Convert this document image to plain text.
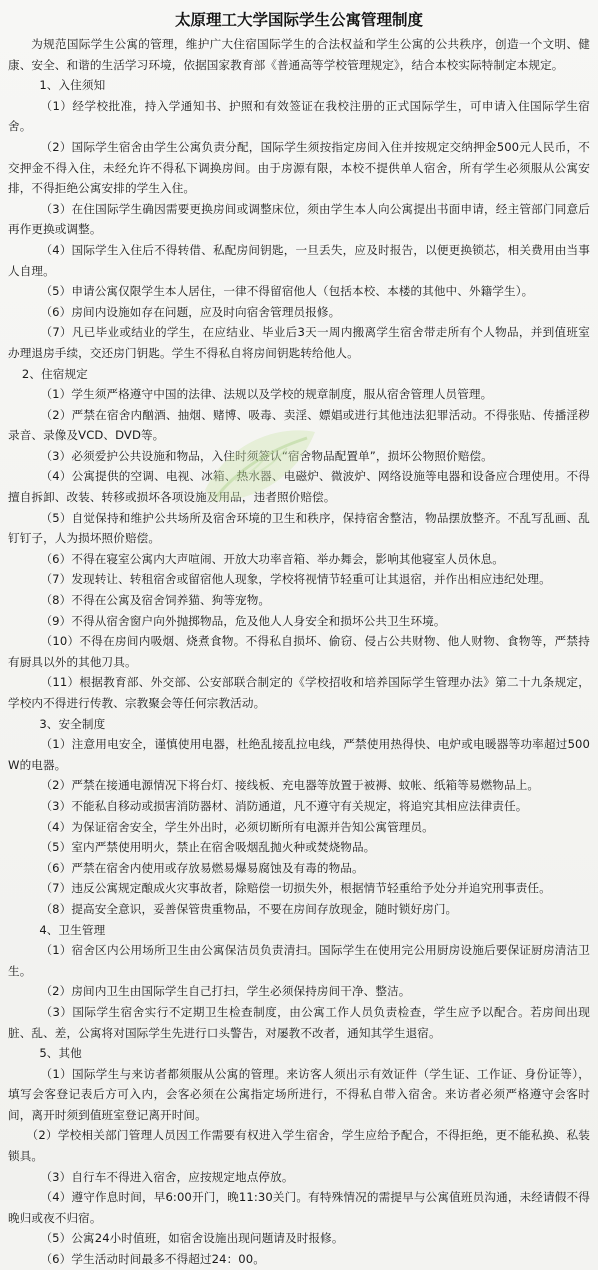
太原理工大学国际学生公寓管理制度

为规范国际学生公寓的管理，维护广大住宿国际学生的合法权益和学生公寓的公共秩序，创造一个文明、健康、安全、和谐的生活学习环境，依据国家教育部《普通高等学校管理规定》，结合本校实际特制定本规定。

1、入住须知

（1）经学校批准，持入学通知书、护照和有效签证在我校注册的正式国际学生，可申请入住国际学生宿舍。

（2）国际学生宿舍由学生公寓负责分配，国际学生须按指定房间入住并按规定交纳押金500元人民币，不交押金不得入住，未经允许不得私下调换房间。由于房源有限，本校不提供单人宿舍，所有学生必须服从公寓安排，不得拒绝公寓安排的学生入住。

（3）在住国际学生确因需要更换房间或调整床位，须由学生本人向公寓提出书面申请，经主管部门同意后再作更换或调整。

（4）国际学生入住后不得转借、私配房间钥匙，一旦丢失，应及时报告，以便更换锁芯，相关费用由当事人自理。

（5）申请公寓仅限学生本人居住，一律不得留宿他人（包括本校、本楼的其他中、外籍学生）。

（6）房间内设施如存在问题，应及时向宿舍管理员报修。

（7）凡已毕业或结业的学生，在应结业、毕业后3天一周内搬离学生宿舍带走所有个人物品，并到值班室办理退房手续，交还房门钥匙。学生不得私自将房间钥匙转给他人。

2、住宿规定

（1）学生须严格遵守中国的法律、法规以及学校的规章制度，服从宿舍管理人员管理。

（2）严禁在宿舍内酗酒、抽烟、赌博、吸毒、卖淫、嫖娼或进行其他违法犯罪活动。不得张贴、传播淫秽录音、录像及VCD、DVD等。

（3）必须爱护公共设施和物品，入住时须签认“宿舍物品配置单”，损坏公物照价赔偿。

（4）公寓提供的空调、电视、冰箱、热水器、电磁炉、微波炉、网络设施等电器和设备应合理使用。不得擅自拆卸、改装、转移或损坏各项设施及用品，违者照价赔偿。

（5）自觉保持和维护公共场所及宿舍环境的卫生和秩序，保持宿舍整洁，物品摆放整齐。不乱写乱画、乱钉钉子，人为损坏照价赔偿。

（6）不得在寝室公寓内大声喧闹、开放大功率音箱、举办舞会，影响其他寝室人员休息。

（7）发现转让、转租宿舍或留宿他人现象，学校将视情节轻重可让其退宿，并作出相应违纪处理。

（8）不得在公寓及宿舍饲养猫、狗等宠物。

（9）不得从宿舍窗户向外抛掷物品，危及他人人身安全和损坏公共卫生环境。

（10）不得在房间内吸烟、烧煮食物。不得私自损坏、偷窃、侵占公共财物、他人财物、食物等，严禁持有厨具以外的其他刀具。

（11）根据教育部、外交部、公安部联合制定的《学校招收和培养国际学生管理办法》第二十九条规定，学校内不得进行传教、宗教聚会等任何宗教活动。

3、安全制度

（1）注意用电安全，谨慎使用电器，杜绝乱接乱拉电线，严禁使用热得快、电炉或电暖器等功率超过500W的电器。

（2）严禁在接通电源情况下将台灯、接线板、充电器等放置于被褥、蚊帐、纸箱等易燃物品上。

（3）不能私自移动或损害消防器材、消防通道，凡不遵守有关规定，将追究其相应法律责任。

（4）为保证宿舍安全，学生外出时，必须切断所有电源并告知公寓管理员。

（5）室内严禁使用明火，禁止在宿舍吸烟乱抛火种或焚烧物品。

（6）严禁在宿舍内使用或存放易燃易爆易腐蚀及有毒的物品。

（7）违反公寓规定酿成火灾事故者，除赔偿一切损失外，根据情节轻重给予处分并追究刑事责任。

（8）提高安全意识，妥善保管贵重物品，不要在房间存放现金，随时锁好房门。

4、卫生管理

（1）宿舍区内公用场所卫生由公寓保洁员负责清扫。国际学生在使用完公用厨房设施后要保证厨房清洁卫生。

（2）房间内卫生由国际学生自己打扫，学生必须保持房间干净、整洁。

（3）国际学生宿舍实行不定期卫生检查制度，由公寓工作人员负责检查，学生应予以配合。若房间出现脏、乱、差，公寓将对国际学生先进行口头警告，对屡教不改者，通知其学生退宿。

5、其他

（1）国际学生与来访者都须服从公寓的管理。来访客人须出示有效证件（学生证、工作证、身份证等），填写会客登记表后方可入内，会客必须在公寓指定场所进行，不得私自带入宿舍。来访者必须严格遵守会客时间，离开时须到值班室登记离开时间。

（2）学校相关部门管理人员因工作需要有权进入学生宿舍，学生应给予配合，不得拒绝，更不能私换、私装锁具。

（3）自行车不得进入宿舍，应按规定地点停放。

（4）遵守作息时间，早6:00开门，晚11:30关门。有特殊情况的需提早与公寓值班员沟通，未经请假不得晚归或夜不归宿。

（5）公寓24小时值班，如宿舍设施出现问题请及时报修。

（6）学生活动时间最多不得超过24：00。
